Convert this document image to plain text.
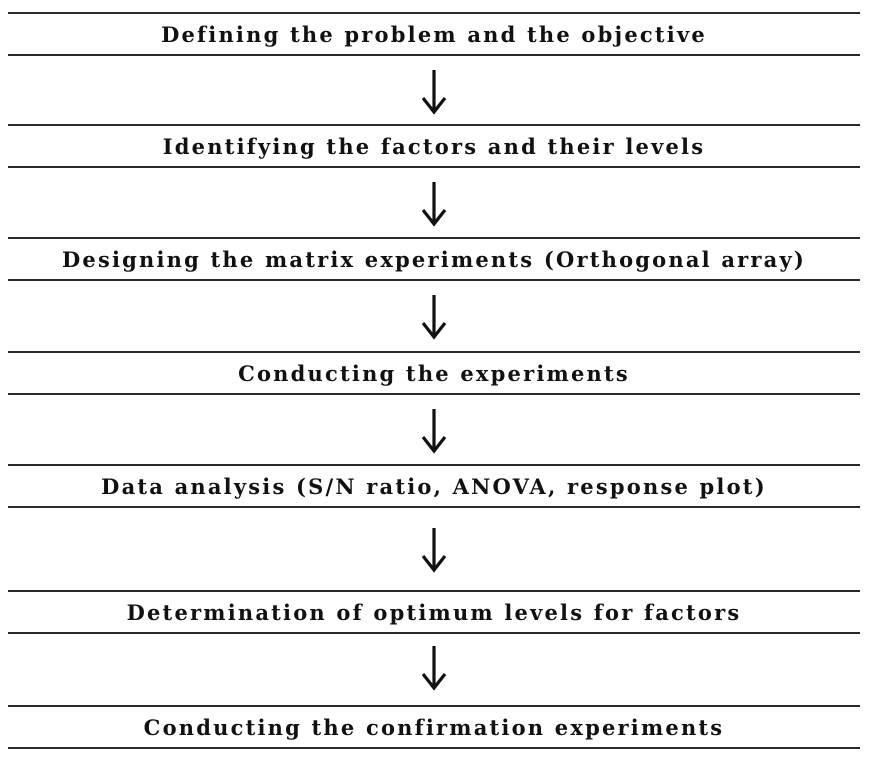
Defining the problem and the objective
Identifying the factors and their levels
Designing the matrix experiments (Orthogonal array)
Conducting the experiments
Data analysis (S/N ratio, ANOVA, response plot)
Determination of optimum levels for factors
Conducting the confirmation experiments
